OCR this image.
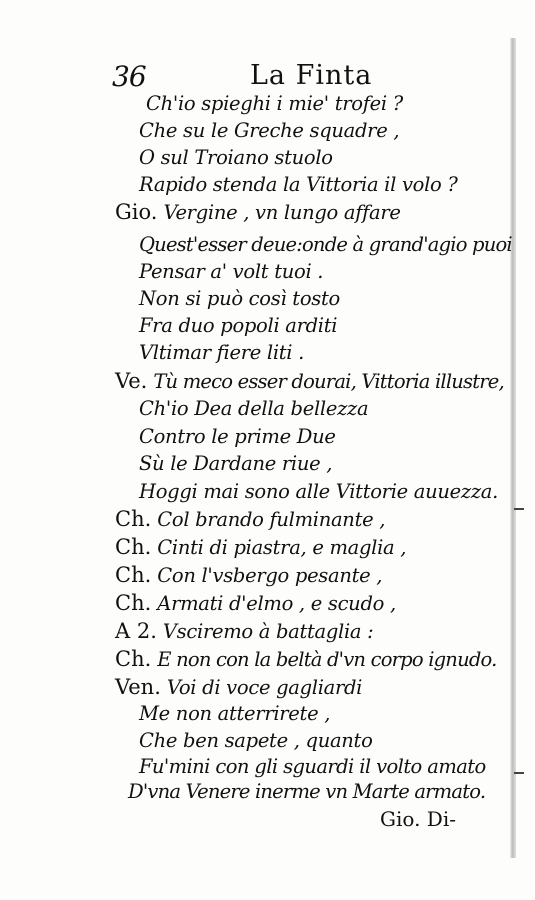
36	La Finta
Ch'io spieghi i mie' trofei ?
Che su le Greche squadre ,
O sul Troiano stuolo
Rapido stenda la Vittoria il volo ?
Gio. Vergine , vn lungo affare
Quest'esser deue:onde à grand'agio puoi
Pensar a' volt tuoi .
Non si può così tosto
Fra duo popoli arditi
Vltimar fiere liti .
Ve. Tù meco esser dourai, Vittoria illustre,
Ch'io Dea della bellezza
Contro le prime Due
Sù le Dardane riue ,
Hoggi mai sono alle Vittorie auuezza.
Ch. Col brando fulminante ,
Ch. Cinti di piastra, e maglia ,
Ch. Con l'vsbergo pesante ,
Ch. Armati d'elmo , e scudo ,
A 2. Vsciremo à battaglia :
Ch. E non con la beltà d'vn corpo ignudo.
Ven. Voi di voce gagliardi
Me non atterrirete ,
Che ben sapete , quanto
Fu'mini con gli sguardi il volto amato
D'vna Venere inerme vn Marte armato.
Gio. Di-
